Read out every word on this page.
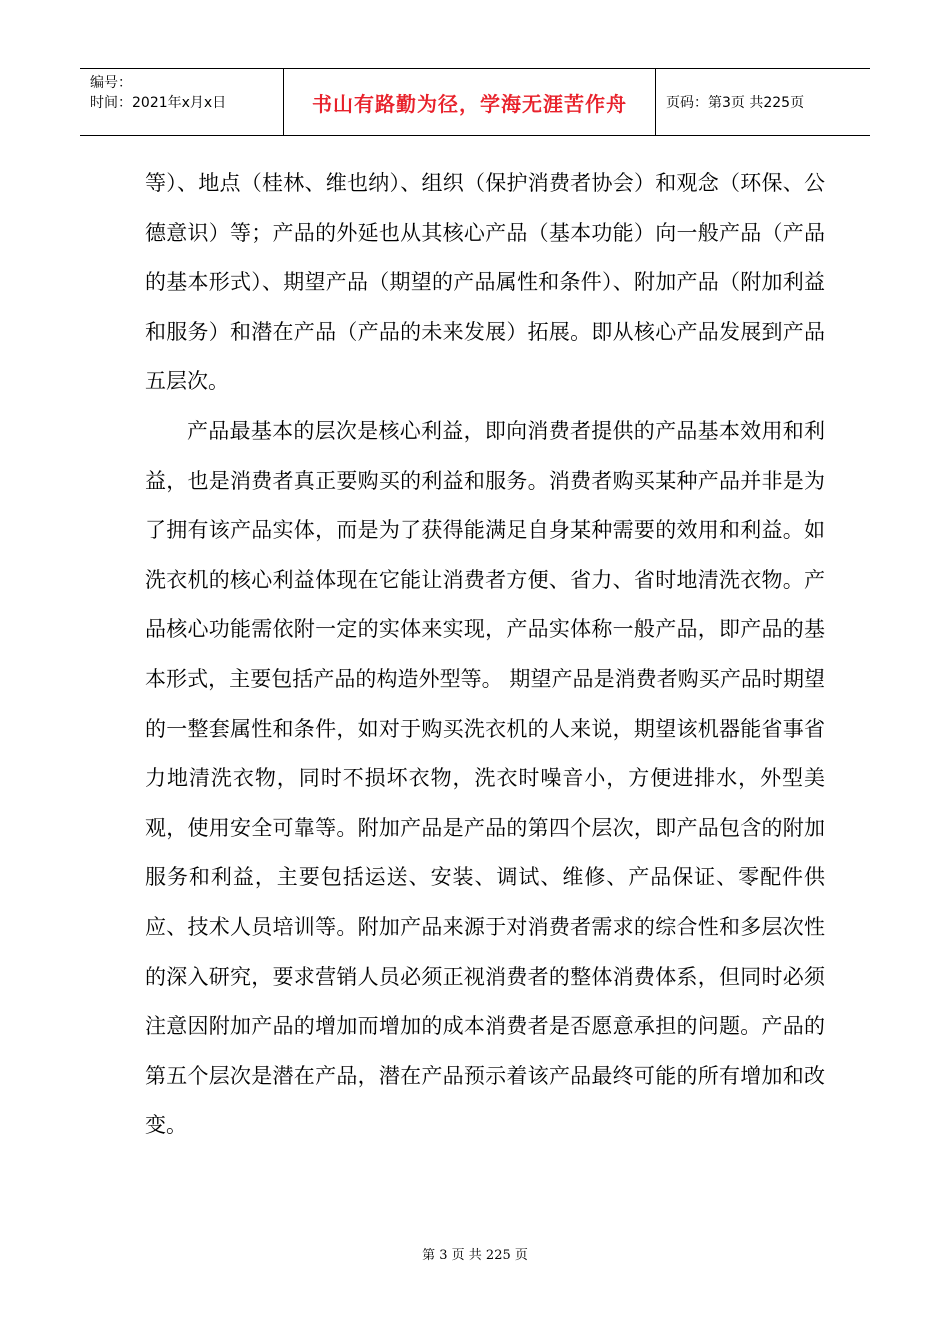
编号：
时间：2021年x月x日	书山有路勤为径，学海无涯苦作舟	页码：第3页 共225页

等）、地点（桂林、维也纳）、组织（保护消费者协会）和观念（环保、公德意识）等；产品的外延也从其核心产品（基本功能）向一般产品（产品的基本形式）、期望产品（期望的产品属性和条件）、附加产品（附加利益和服务）和潜在产品（产品的未来发展）拓展。即从核心产品发展到产品五层次。

产品最基本的层次是核心利益，即向消费者提供的产品基本效用和利益，也是消费者真正要购买的利益和服务。消费者购买某种产品并非是为了拥有该产品实体，而是为了获得能满足自身某种需要的效用和利益。如洗衣机的核心利益体现在它能让消费者方便、省力、省时地清洗衣物。产品核心功能需依附一定的实体来实现，产品实体称一般产品，即产品的基本形式，主要包括产品的构造外型等。 期望产品是消费者购买产品时期望的一整套属性和条件，如对于购买洗衣机的人来说，期望该机器能省事省力地清洗衣物，同时不损坏衣物，洗衣时噪音小，方便进排水，外型美观，使用安全可靠等。附加产品是产品的第四个层次，即产品包含的附加服务和利益，主要包括运送、安装、调试、维修、产品保证、零配件供应、技术人员培训等。附加产品来源于对消费者需求的综合性和多层次性的深入研究，要求营销人员必须正视消费者的整体消费体系，但同时必须注意因附加产品的增加而增加的成本消费者是否愿意承担的问题。产品的第五个层次是潜在产品，潜在产品预示着该产品最终可能的所有增加和改变。

第 3 页 共 225 页
